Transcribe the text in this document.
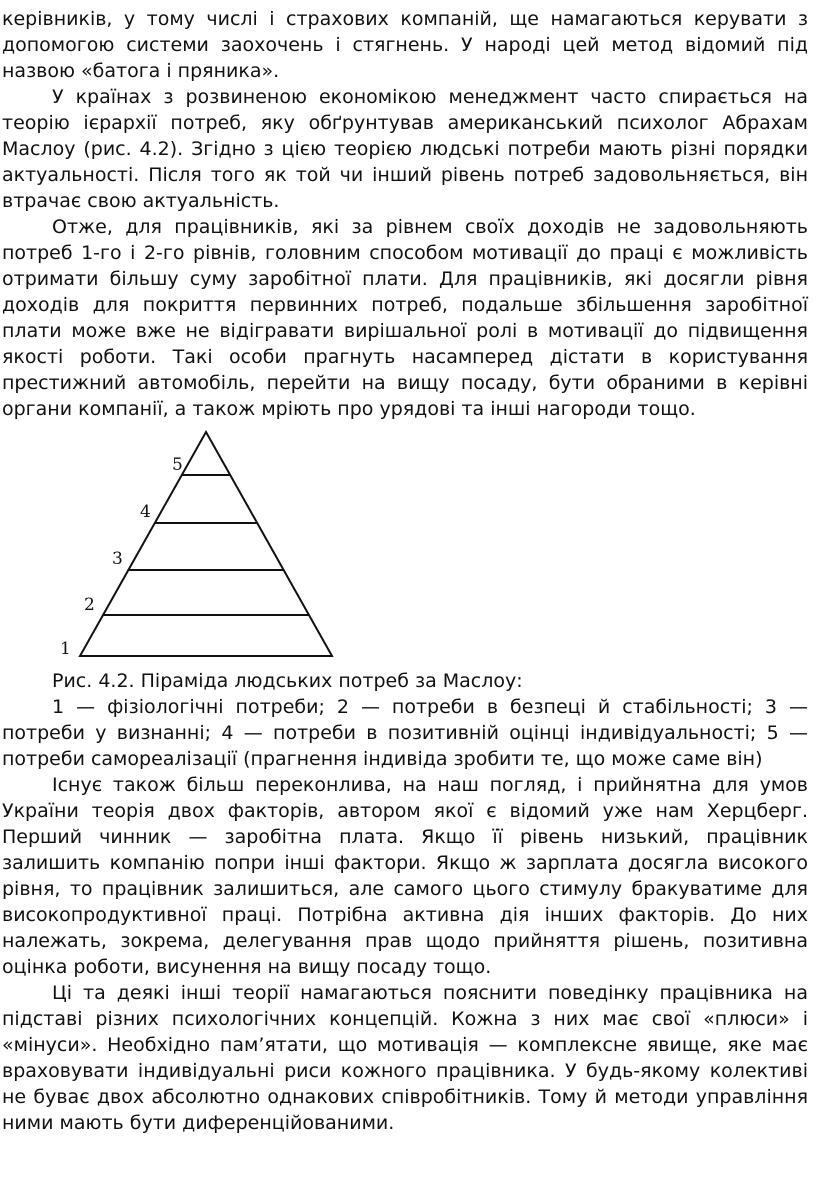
керівників, у тому числі і страхових компаній, ще намагаються керувати з допомогою системи заохочень і стягнень. У народі цей метод відомий під назвою «батога і пряника».

У країнах з розвиненою економікою менеджмент часто спирається на теорію ієрархії потреб, яку обґрунтував американський психолог Абрахам Маслоу (рис. 4.2). Згідно з цією теорією людські потреби мають різні порядки актуальності. Після того як той чи інший рівень потреб задовольняється, він втрачає свою актуальність.

Отже, для працівників, які за рівнем своїх доходів не задовольняють потреб 1-го і 2-го рівнів, головним способом мотивації до праці є можливість отримати більшу суму заробітної плати. Для працівників, які досягли рівня доходів для покриття первинних потреб, подальше збільшення заробітної плати може вже не відігравати вирішальної ролі в мотивації до підвищення якості роботи. Такі особи прагнуть насамперед дістати в користування престижний автомобіль, перейти на вищу посаду, бути обраними в керівні органи компанії, а також мріють про урядові та інші нагороди тощо.

5
4
3
2
1

Рис. 4.2. Піраміда людських потреб за Маслоу:

1 — фізіологічні потреби; 2 — потреби в безпеці й стабільності; 3 — потреби у визнанні; 4 — потреби в позитивній оцінці індивідуальності; 5 — потреби самореалізації (прагнення індивіда зробити те, що може саме він)

Існує також більш переконлива, на наш погляд, і прийнятна для умов України теорія двох факторів, автором якої є відомий уже нам Херцберг. Перший чинник — заробітна плата. Якщо її рівень низький, працівник залишить компанію попри інші фактори. Якщо ж зарплата досягла високого рівня, то працівник залишиться, але самого цього стимулу бракуватиме для високопродуктивної праці. Потрібна активна дія інших факторів. До них належать, зокрема, делегування прав щодо прийняття рішень, позитивна оцінка роботи, висунення на вищу посаду тощо.

Ці та деякі інші теорії намагаються пояснити поведінку працівника на підставі різних психологічних концепцій. Кожна з них має свої «плюси» і «мінуси». Необхідно пам’ятати, що мотивація — комплексне явище, яке має враховувати індивідуальні риси кожного працівника. У будь-якому колективі не буває двох абсолютно однакових співробітників. Тому й методи управління ними мають бути диференційованими.
